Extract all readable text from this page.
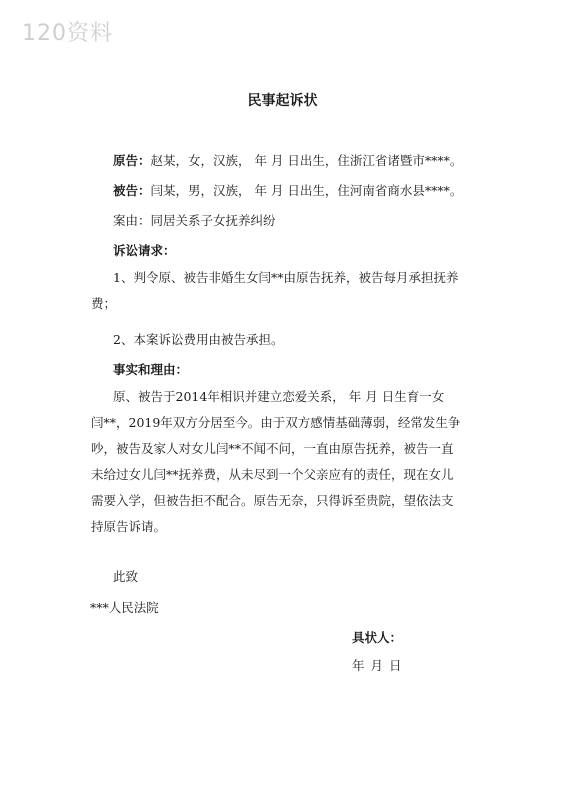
120资料
民事起诉状
原告：赵某，女，汉族， 年 月 日出生，住浙江省诸暨市****。
被告：闫某，男，汉族， 年 月 日出生，住河南省商水县****。
案由：同居关系子女抚养纠纷
诉讼请求：
1、判令原、被告非婚生女闫**由原告抚养，被告每月承担抚养
费；
2、本案诉讼费用由被告承担。
事实和理由：
原、被告于2014年相识并建立恋爱关系， 年 月 日生育一女
闫**，2019年双方分居至今。由于双方感情基础薄弱，经常发生争
吵，被告及家人对女儿闫**不闻不问，一直由原告抚养，被告一直
未给过女儿闫**抚养费，从未尽到一个父亲应有的责任，现在女儿
需要入学，但被告拒不配合。原告无奈，只得诉至贵院，望依法支
持原告诉请。
此致
***人民法院
具状人：
年 月 日
